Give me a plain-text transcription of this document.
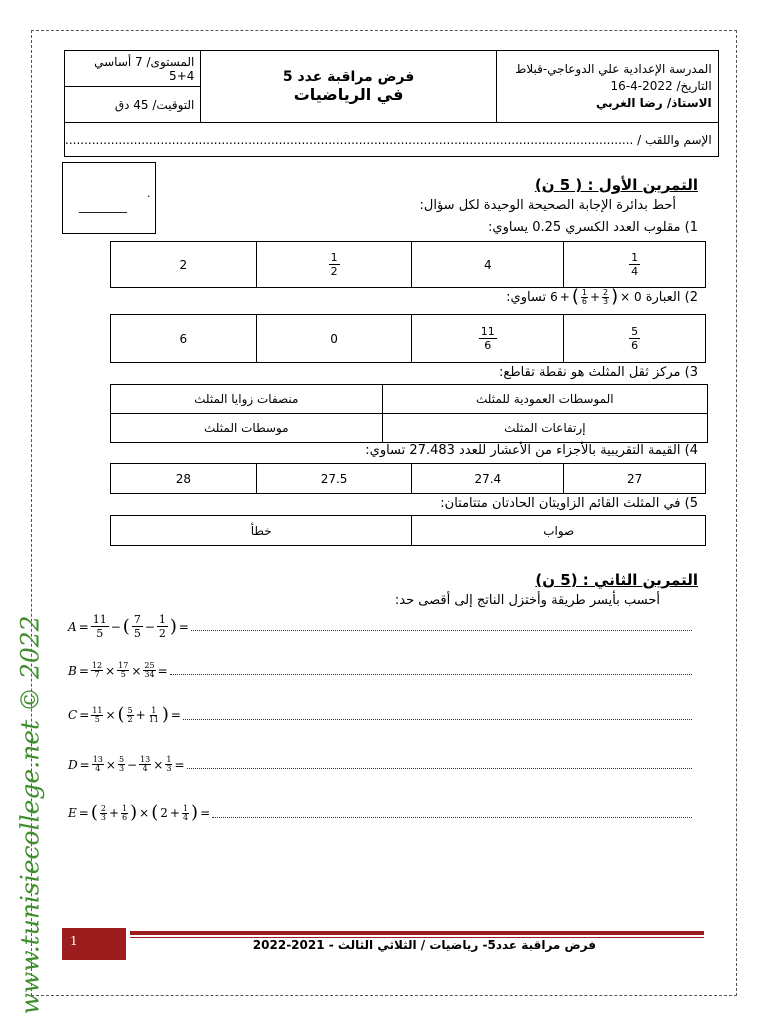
المستوى/ 7 أساسي 4+5	فرض مراقبة عدد 5
في الرياضيات

المدرسة الإعدادية علي الدوعاجي-قبلاط
التاريخ/ 2022-4-16
الاستاذ/ رضا الغربي

التوقيت/ 45 دق
الإسم واللقب / .....................................................................................................................................................
.
________
التمرين الأول : ( 5 ن)
أحط بدائرة الإجابة الصحيحة الوحيدة لكل سؤال:
1) مقلوب العدد الكسري 0.25 يساوي:
2	$\frac{1}{2}$	4	$\frac{1}{4}$
تساوي: 6 + ( $\frac{1}{6} + \frac{2}{3}$ ) × 0 2) العبارة
6	0	$\frac{11}{6}$	$\frac{5}{6}$
3) مركز ثقل المثلث هو نقطة تقاطع:
منصفات زوايا المثلث	الموسطات العمودية للمثلث
موسطات المثلث	إرتفاعات المثلث
4) القيمة التقريبية بالأجزاء من الأعشار للعدد 27.483 تساوي:
28	27.5	27.4	27
5) في المثلث القائم الزاويتان الحادتان متتامتان:
خطأ	صواب
التمرين الثاني : (5 ن)
أحسب بأيسر طريقة وأختزل الناتج إلى أقصى حد:
$A = \frac{11}{5}$ − ( $\frac{7}{5} - \frac{1}{2}$ ) =
$B = \frac{12}{7} \times \frac{17}{5} \times \frac{25}{34}$ =
$C = \frac{11}{5}$ × ( $\frac{5}{2} + \frac{1}{11}$ ) =
$D = \frac{13}{4} \times \frac{5}{3} - \frac{13}{4} \times \frac{1}{3}$ =
E = ( $\frac{2}{3} + \frac{1}{6}$ ) × ( $2 + \frac{1}{4}$ ) =
1	فرض مراقبة عدد5- رياضيات / الثلاثي الثالث - 2021-2022
www.tunisiecollege.net © 2022
